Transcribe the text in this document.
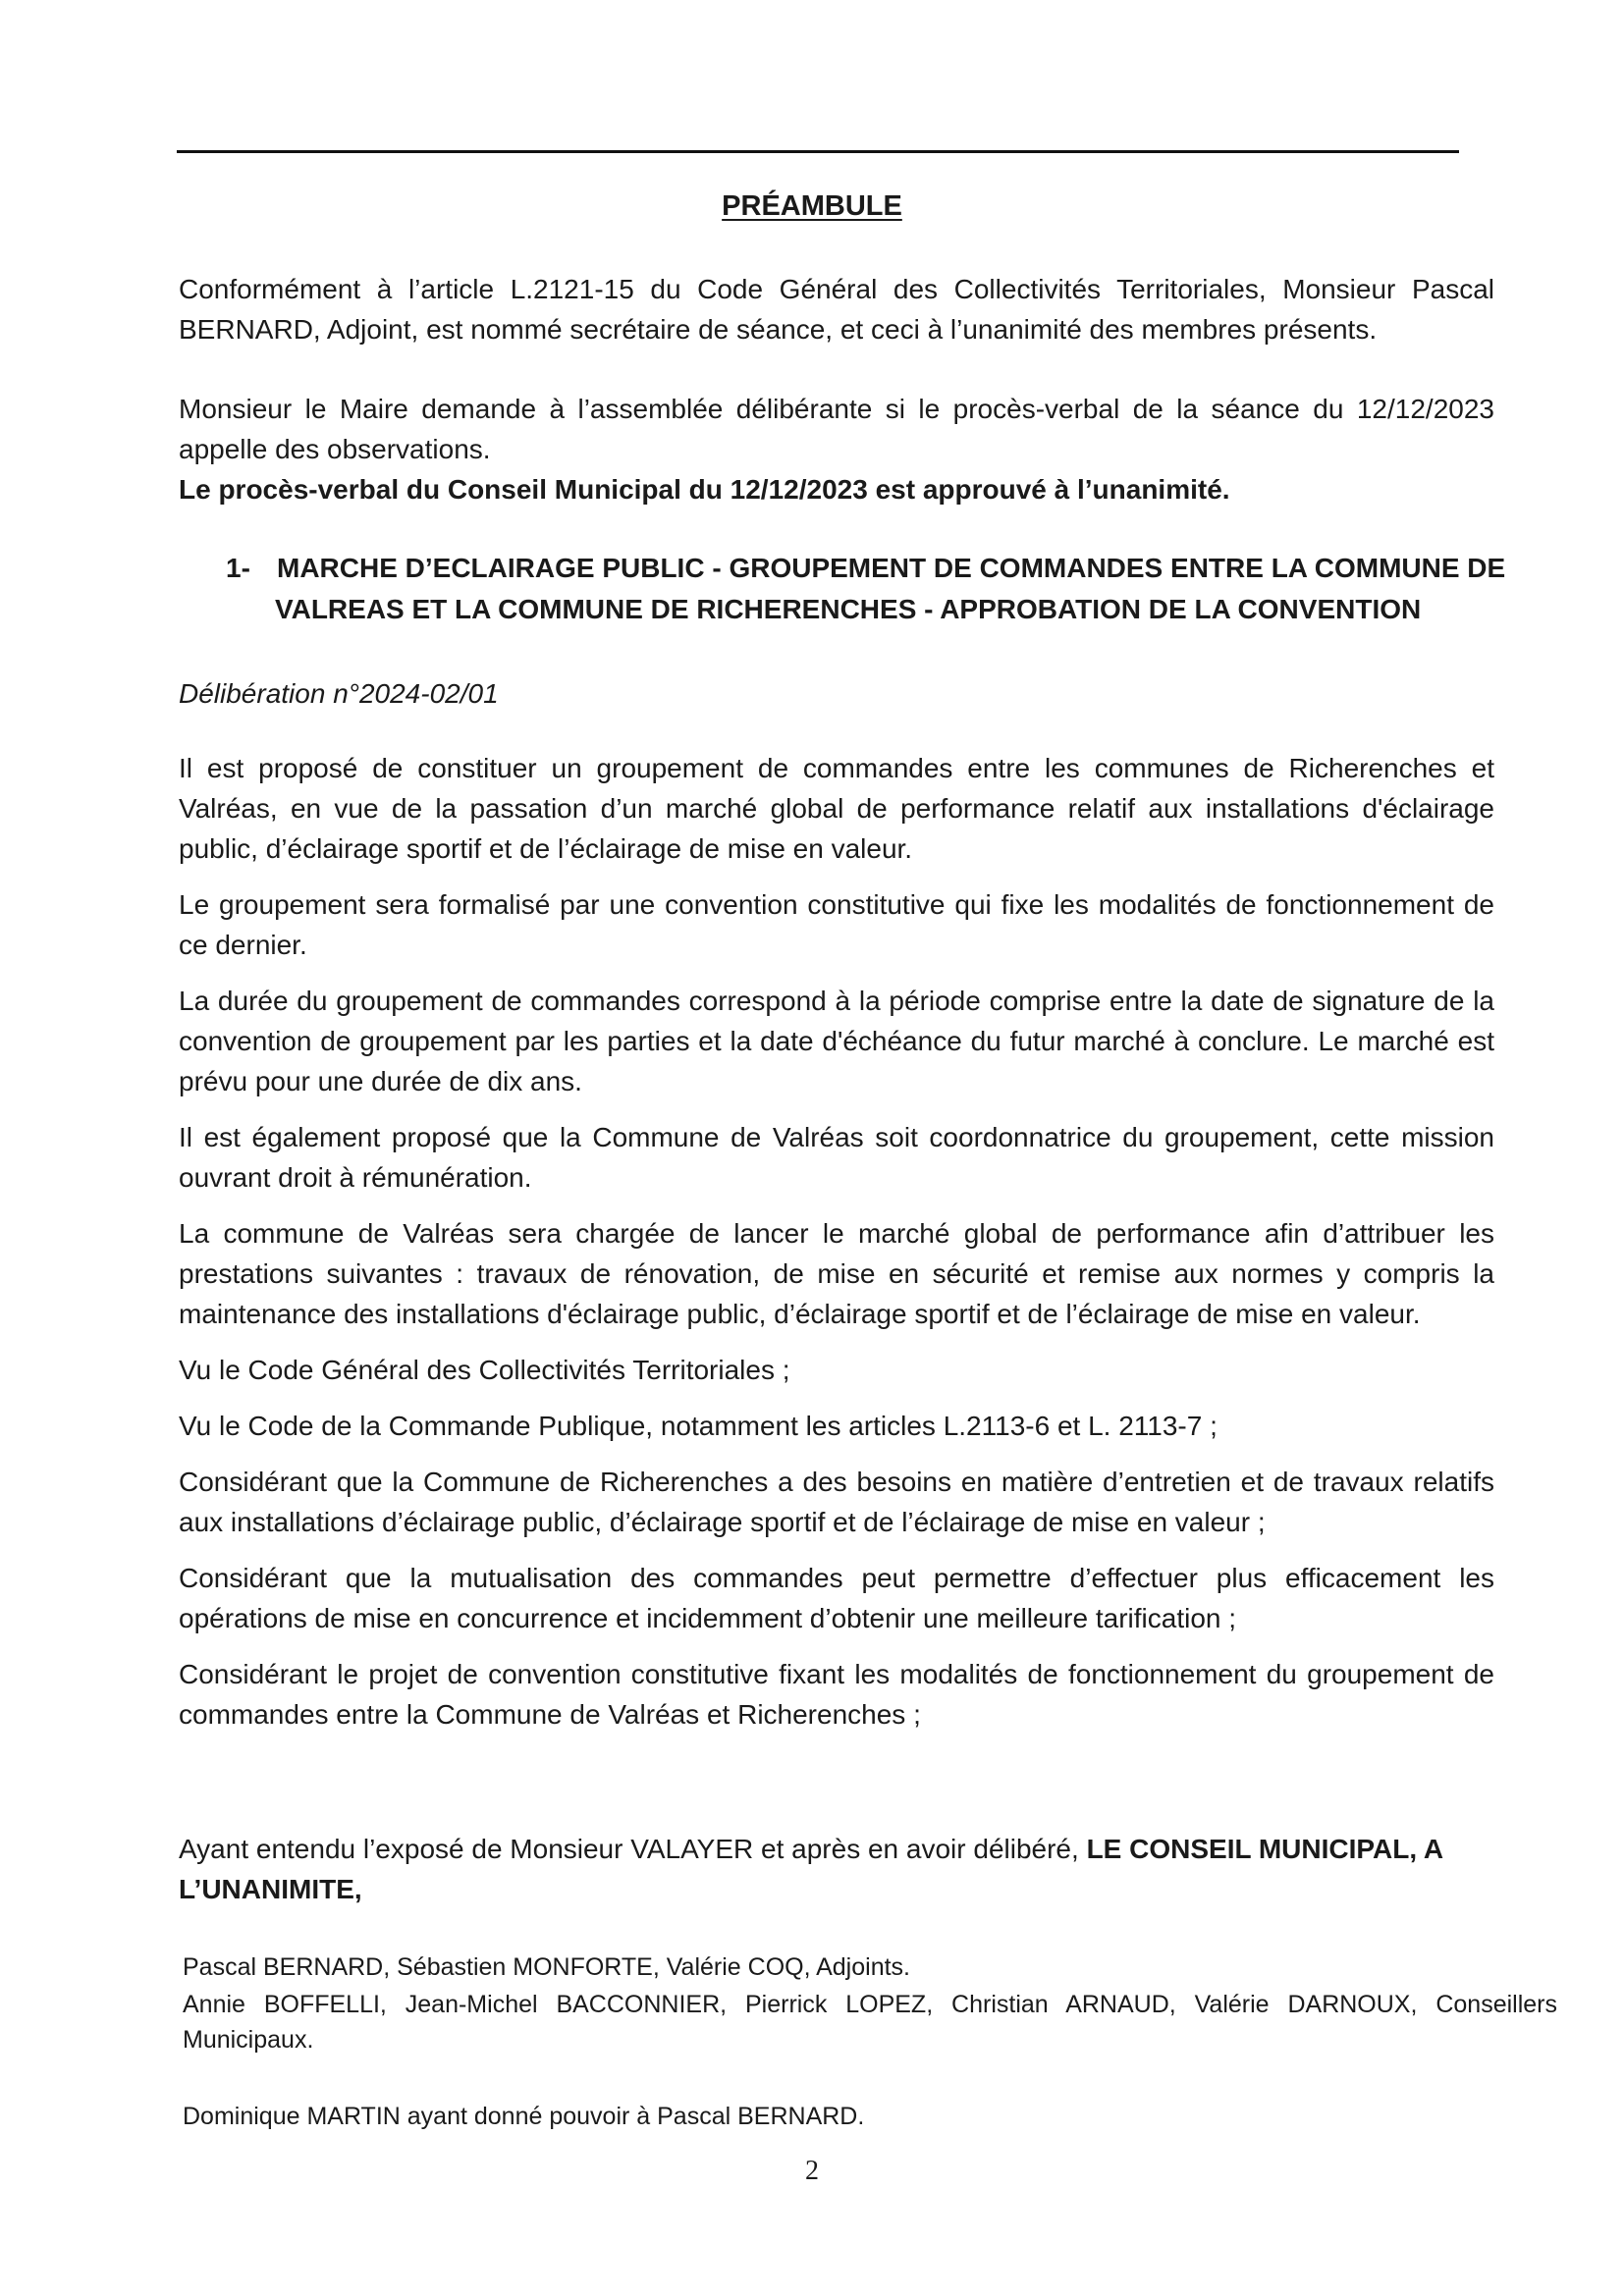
PRÉAMBULE

Conformément à l’article L.2121-15 du Code Général des Collectivités Territoriales, Monsieur Pascal BERNARD, Adjoint, est nommé secrétaire de séance, et ceci à l’unanimité des membres présents.

Monsieur le Maire demande à l’assemblée délibérante si le procès-verbal de la séance du 12/12/2023 appelle des observations.

Le procès-verbal du Conseil Municipal du 12/12/2023 est approuvé à l’unanimité.

1- MARCHE D’ECLAIRAGE PUBLIC - GROUPEMENT DE COMMANDES ENTRE LA COMMUNE DE
VALREAS ET LA COMMUNE DE RICHERENCHES - APPROBATION DE LA CONVENTION

Délibération n°2024-02/01

Il est proposé de constituer un groupement de commandes entre les communes de Richerenches et Valréas, en vue de la passation d’un marché global de performance relatif aux installations d'éclairage public, d’éclairage sportif et de l’éclairage de mise en valeur.

Le groupement sera formalisé par une convention constitutive qui fixe les modalités de fonctionnement de ce dernier.

La durée du groupement de commandes correspond à la période comprise entre la date de signature de la convention de groupement par les parties et la date d'échéance du futur marché à conclure. Le marché est prévu pour une durée de dix ans.

Il est également proposé que la Commune de Valréas soit coordonnatrice du groupement, cette mission ouvrant droit à rémunération.

La commune de Valréas sera chargée de lancer le marché global de performance afin d’attribuer les prestations suivantes : travaux de rénovation, de mise en sécurité et remise aux normes y compris la maintenance des installations d'éclairage public, d’éclairage sportif et de l’éclairage de mise en valeur.

Vu le Code Général des Collectivités Territoriales ;

Vu le Code de la Commande Publique, notamment les articles L.2113-6 et L. 2113-7 ;

Considérant que la Commune de Richerenches a des besoins en matière d’entretien et de travaux relatifs aux installations d’éclairage public, d’éclairage sportif et de l’éclairage de mise en valeur ;

Considérant que la mutualisation des commandes peut permettre d’effectuer plus efficacement les opérations de mise en concurrence et incidemment d’obtenir une meilleure tarification ;

Considérant le projet de convention constitutive fixant les modalités de fonctionnement du groupement de commandes entre la Commune de Valréas et Richerenches ;

Ayant entendu l’exposé de Monsieur VALAYER et après en avoir délibéré, LE CONSEIL MUNICIPAL, A L’UNANIMITE,

Pascal BERNARD, Sébastien MONFORTE, Valérie COQ, Adjoints.

Annie BOFFELLI, Jean-Michel BACCONNIER, Pierrick LOPEZ, Christian ARNAUD, Valérie DARNOUX, Conseillers Municipaux.

Dominique MARTIN ayant donné pouvoir à Pascal BERNARD.

2
